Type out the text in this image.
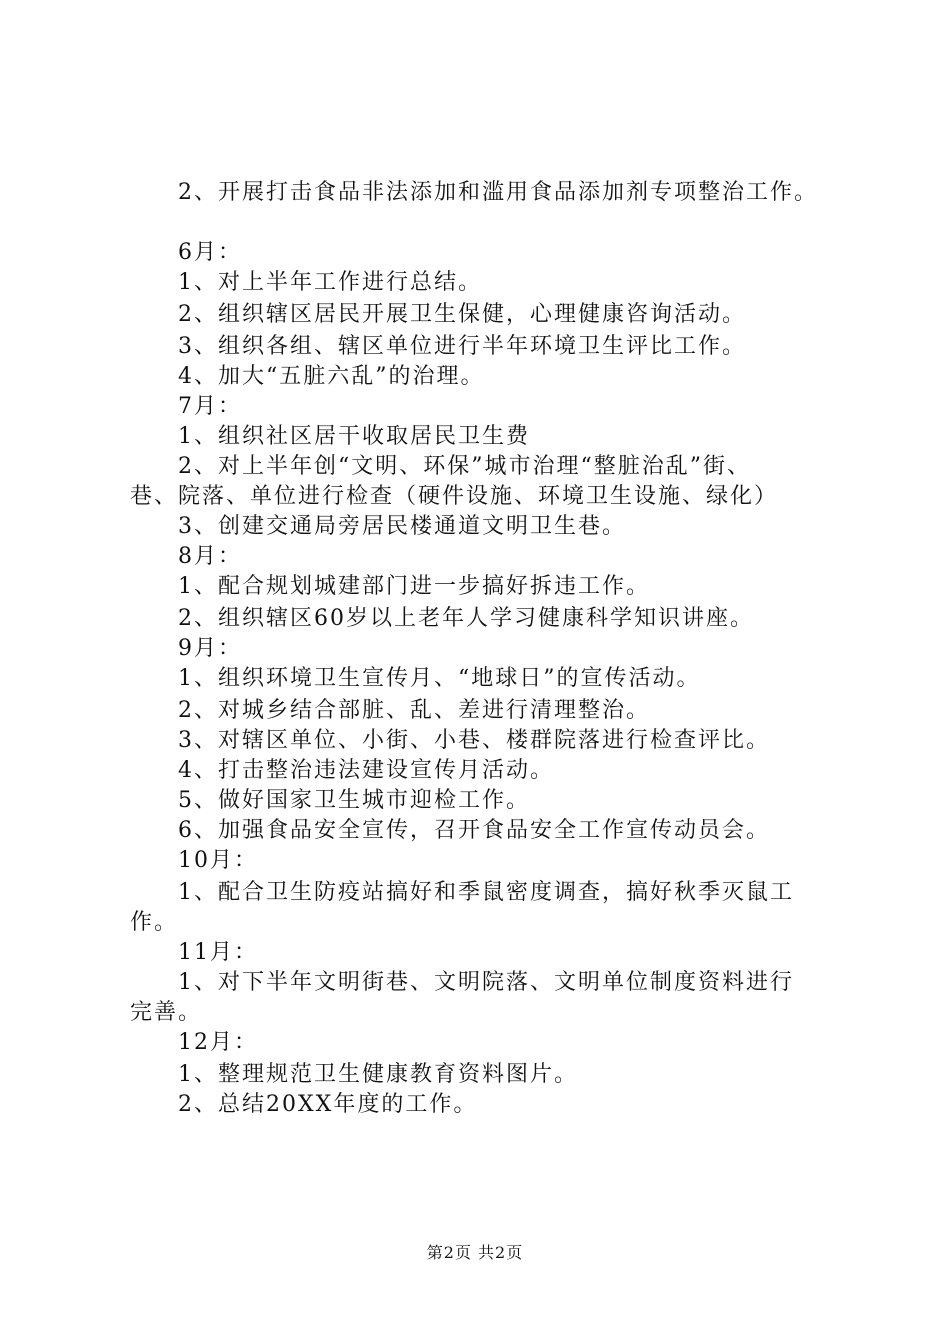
2、开展打击食品非法添加和滥用食品添加剂专项整治工作。
6月：
1、对上半年工作进行总结。
2、组织辖区居民开展卫生保健，心理健康咨询活动。
3、组织各组、辖区单位进行半年环境卫生评比工作。
4、加大“五脏六乱”的治理。
7月：
1、组织社区居干收取居民卫生费
2、对上半年创“文明、环保”城市治理“整脏治乱”街、
巷、院落、单位进行检查（硬件设施、环境卫生设施、绿化）
3、创建交通局旁居民楼通道文明卫生巷。
8月：
1、配合规划城建部门进一步搞好拆违工作。
2、组织辖区60岁以上老年人学习健康科学知识讲座。
9月：
1、组织环境卫生宣传月、“地球日”的宣传活动。
2、对城乡结合部脏、乱、差进行清理整治。
3、对辖区单位、小街、小巷、楼群院落进行检查评比。
4、打击整治违法建设宣传月活动。
5、做好国家卫生城市迎检工作。
6、加强食品安全宣传，召开食品安全工作宣传动员会。
10月：
1、配合卫生防疫站搞好和季鼠密度调查，搞好秋季灭鼠工
作。
11月：
1、对下半年文明街巷、文明院落、文明单位制度资料进行
完善。
12月：
1、整理规范卫生健康教育资料图片。
2、总结20XX年度的工作。
第2页 共2页
